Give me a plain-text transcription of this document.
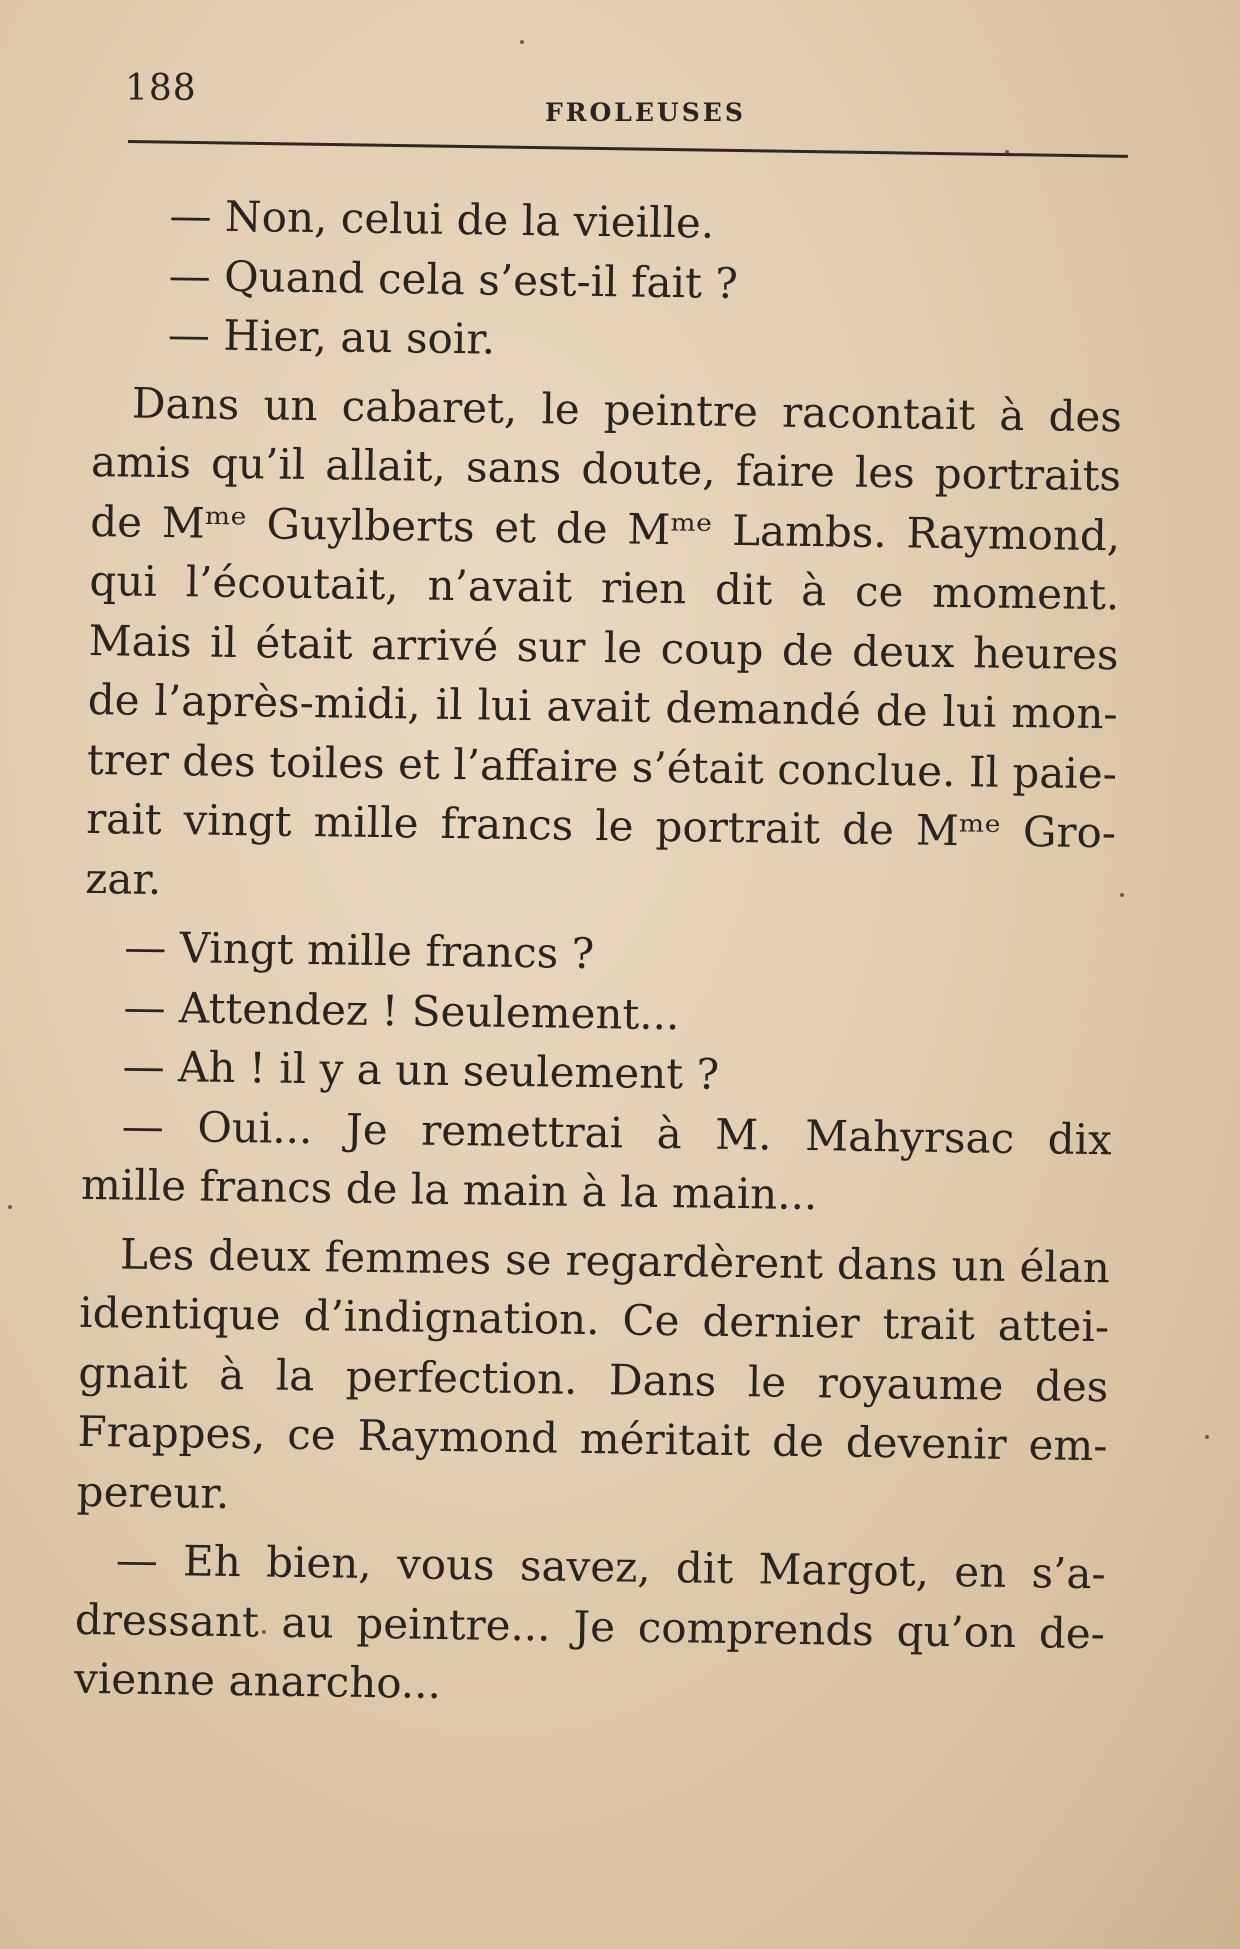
188
FROLEUSES
— Non, celui de la vieille.
— Quand cela s’est-il fait ?
— Hier, au soir.
Dans un cabaret, le peintre racontait à des
amis qu’il allait, sans doute, faire les portraits
de Mᵐᵉ Guylberts et de Mᵐᵉ Lambs. Raymond,
qui l’écoutait, n’avait rien dit à ce moment.
Mais il était arrivé sur le coup de deux heures
de l’après-midi, il lui avait demandé de lui mon-
trer des toiles et l’affaire s’était conclue. Il paie-
rait vingt mille francs le portrait de Mᵐᵉ Gro-
zar.
— Vingt mille francs ?
— Attendez ! Seulement...
— Ah ! il y a un seulement ?
— Oui... Je remettrai à M. Mahyrsac dix
mille francs de la main à la main...
Les deux femmes se regardèrent dans un élan
identique d’indignation. Ce dernier trait attei-
gnait à la perfection. Dans le royaume des
Frappes, ce Raymond méritait de devenir em-
pereur.
— Eh bien, vous savez, dit Margot, en s’a-
dressant au peintre... Je comprends qu’on de-
vienne anarcho...
